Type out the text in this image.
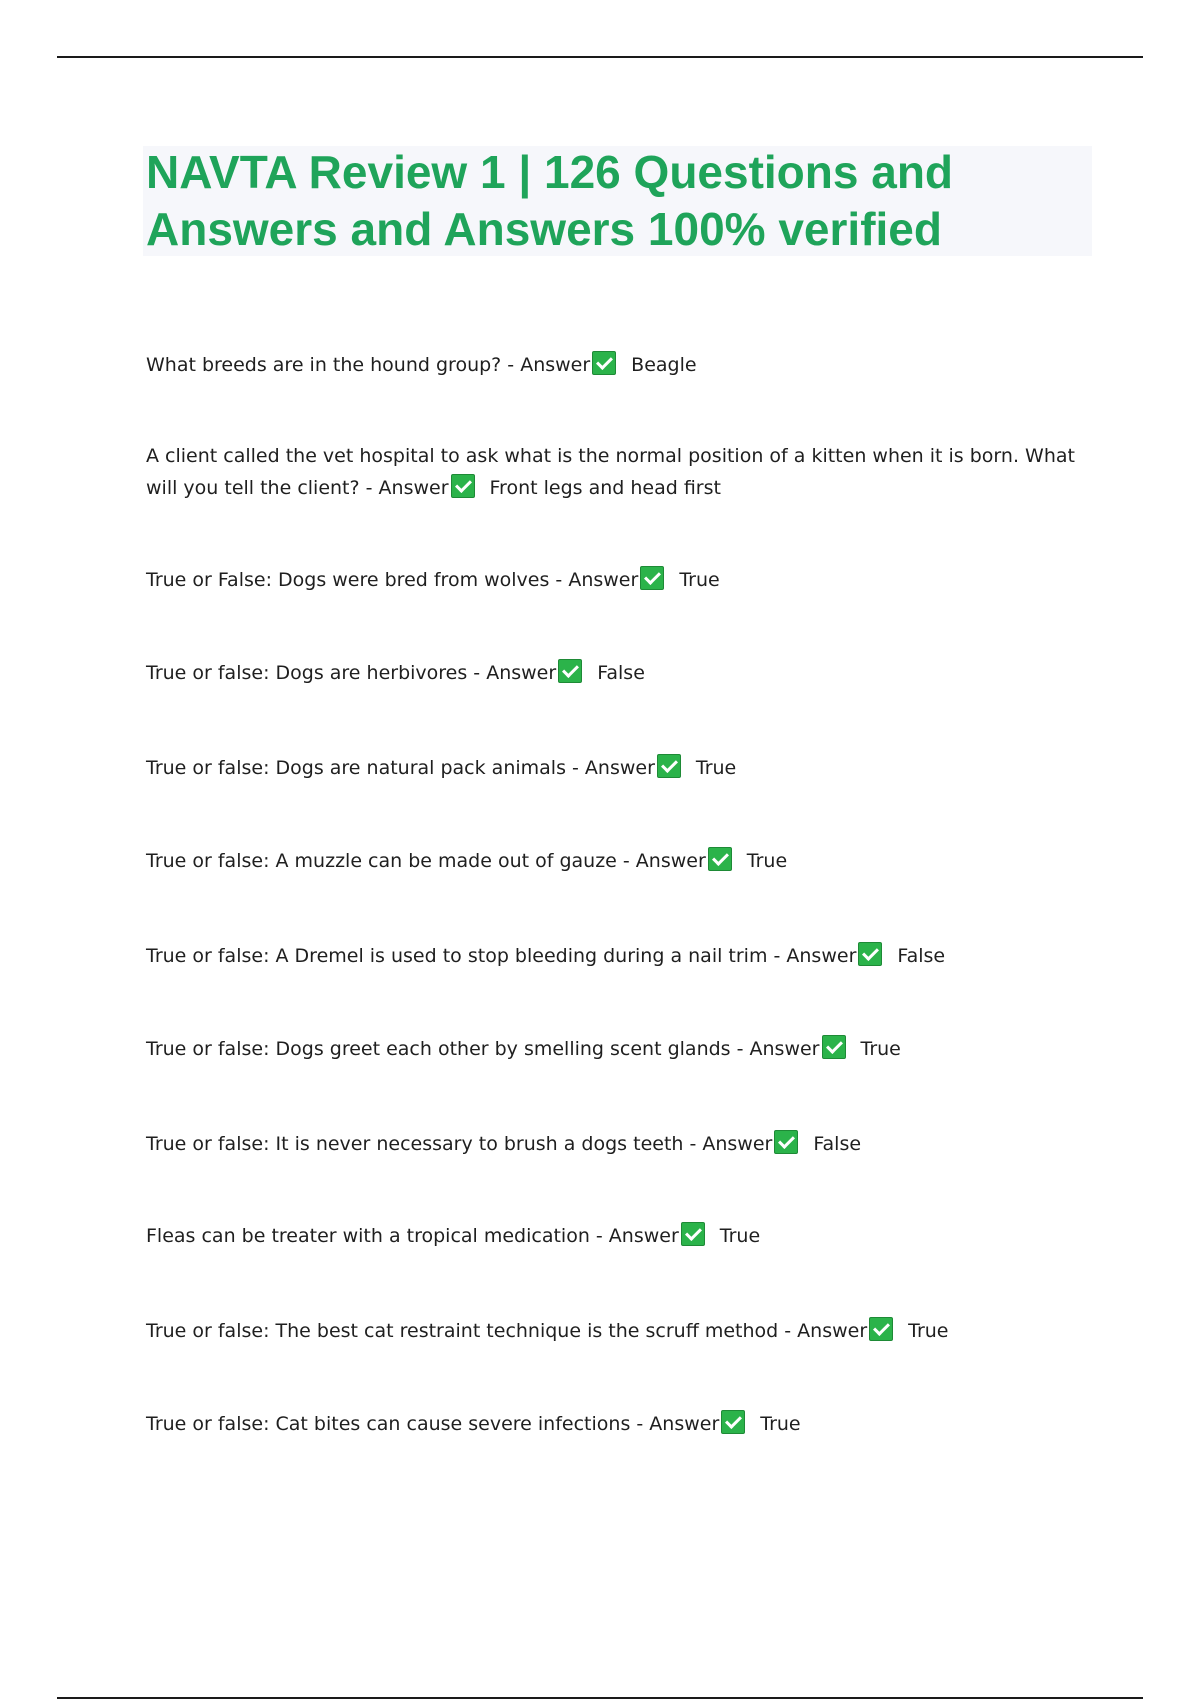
NAVTA Review 1 | 126 Questions and Answers and Answers 100% verified
What breeds are in the hound group? - Answer Beagle
A client called the vet hospital to ask what is the normal position of a kitten when it is born. What will you tell the client? - Answer Front legs and head first
True or False: Dogs were bred from wolves - Answer True
True or false: Dogs are herbivores - Answer False
True or false: Dogs are natural pack animals - Answer True
True or false: A muzzle can be made out of gauze - Answer True
True or false: A Dremel is used to stop bleeding during a nail trim - Answer False
True or false: Dogs greet each other by smelling scent glands - Answer True
True or false: It is never necessary to brush a dogs teeth - Answer False
Fleas can be treater with a tropical medication - Answer True
True or false: The best cat restraint technique is the scruff method - Answer True
True or false: Cat bites can cause severe infections - Answer True
